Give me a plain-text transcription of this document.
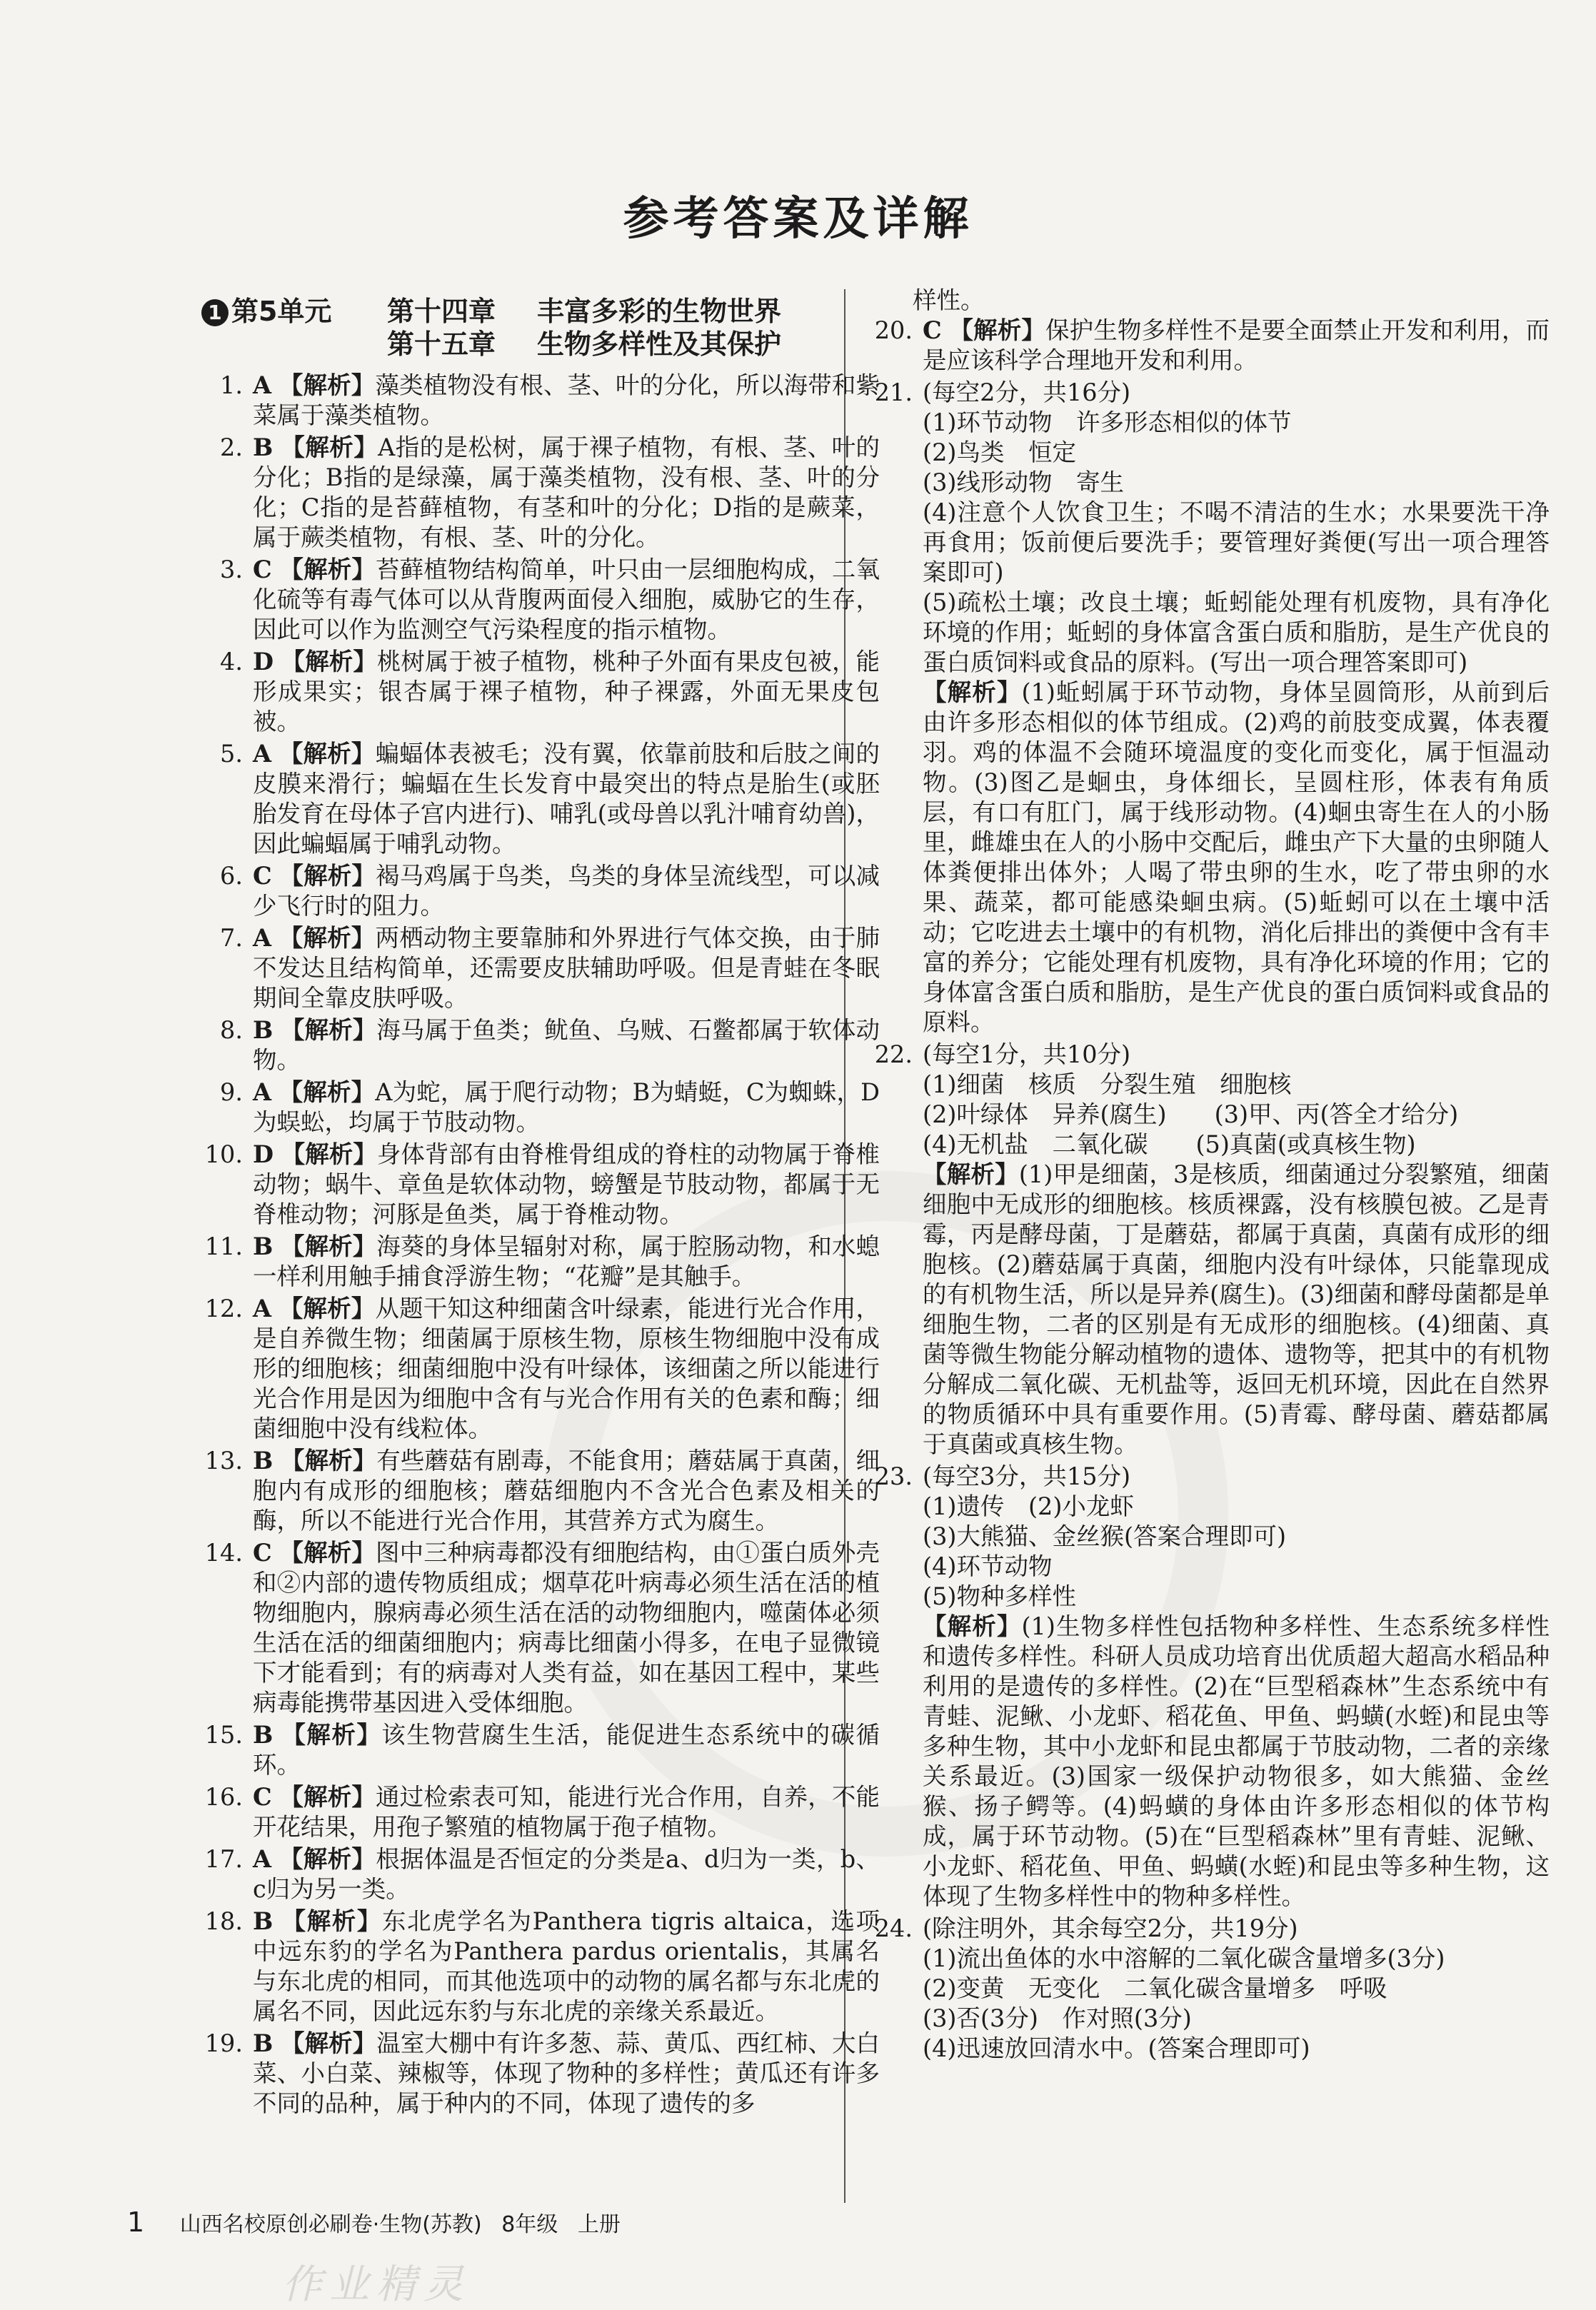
参考答案及详解
1 第5单元 第十四章 丰富多彩的生物世界
第十五章 生物多样性及其保护
1. A 【解析】藻类植物没有根、茎、叶的分化，所以海带和紫菜属于藻类植物。
2. B 【解析】A指的是松树，属于裸子植物，有根、茎、叶的分化；B指的是绿藻，属于藻类植物，没有根、茎、叶的分化；C指的是苔藓植物，有茎和叶的分化；D指的是蕨菜，属于蕨类植物，有根、茎、叶的分化。
3. C 【解析】苔藓植物结构简单，叶只由一层细胞构成，二氧化硫等有毒气体可以从背腹两面侵入细胞，威胁它的生存，因此可以作为监测空气污染程度的指示植物。
4. D 【解析】桃树属于被子植物，桃种子外面有果皮包被，能形成果实；银杏属于裸子植物，种子裸露，外面无果皮包被。
5. A 【解析】蝙蝠体表被毛；没有翼，依靠前肢和后肢之间的皮膜来滑行；蝙蝠在生长发育中最突出的特点是胎生(或胚胎发育在母体子宫内进行)、哺乳(或母兽以乳汁哺育幼兽)，因此蝙蝠属于哺乳动物。
6. C 【解析】褐马鸡属于鸟类，鸟类的身体呈流线型，可以减少飞行时的阻力。
7. A 【解析】两栖动物主要靠肺和外界进行气体交换，由于肺不发达且结构简单，还需要皮肤辅助呼吸。但是青蛙在冬眠期间全靠皮肤呼吸。
8. B 【解析】海马属于鱼类；鱿鱼、乌贼、石鳖都属于软体动物。
9. A 【解析】A为蛇，属于爬行动物；B为蜻蜓，C为蜘蛛，D为蜈蚣，均属于节肢动物。
10. D 【解析】身体背部有由脊椎骨组成的脊柱的动物属于脊椎动物；蜗牛、章鱼是软体动物，螃蟹是节肢动物，都属于无脊椎动物；河豚是鱼类，属于脊椎动物。
11. B 【解析】海葵的身体呈辐射对称，属于腔肠动物，和水螅一样利用触手捕食浮游生物；“花瓣”是其触手。
12. A 【解析】从题干知这种细菌含叶绿素，能进行光合作用，是自养微生物；细菌属于原核生物，原核生物细胞中没有成形的细胞核；细菌细胞中没有叶绿体，该细菌之所以能进行光合作用是因为细胞中含有与光合作用有关的色素和酶；细菌细胞中没有线粒体。
13. B 【解析】有些蘑菇有剧毒，不能食用；蘑菇属于真菌，细胞内有成形的细胞核；蘑菇细胞内不含光合色素及相关的酶，所以不能进行光合作用，其营养方式为腐生。
14. C 【解析】图中三种病毒都没有细胞结构，由①蛋白质外壳和②内部的遗传物质组成；烟草花叶病毒必须生活在活的植物细胞内，腺病毒必须生活在活的动物细胞内，噬菌体必须生活在活的细菌细胞内；病毒比细菌小得多，在电子显微镜下才能看到；有的病毒对人类有益，如在基因工程中，某些病毒能携带基因进入受体细胞。
15. B 【解析】该生物营腐生生活，能促进生态系统中的碳循环。
16. C 【解析】通过检索表可知，能进行光合作用，自养，不能开花结果，用孢子繁殖的植物属于孢子植物。
17. A 【解析】根据体温是否恒定的分类是a、d归为一类，b、c归为另一类。
18. B 【解析】东北虎学名为Panthera tigris altaica，选项中远东豹的学名为Panthera pardus orientalis，其属名与东北虎的相同，而其他选项中的动物的属名都与东北虎的属名不同，因此远东豹与东北虎的亲缘关系最近。
19. B 【解析】温室大棚中有许多葱、蒜、黄瓜、西红柿、大白菜、小白菜、辣椒等，体现了物种的多样性；黄瓜还有许多不同的品种，属于种内的不同，体现了遗传的多
样性。
20. C 【解析】保护生物多样性不是要全面禁止开发和利用，而是应该科学合理地开发和利用。
21. (每空2分，共16分)
(1)环节动物　许多形态相似的体节
(2)鸟类　恒定
(3)线形动物　寄生
(4)注意个人饮食卫生；不喝不清洁的生水；水果要洗干净再食用；饭前便后要洗手；要管理好粪便(写出一项合理答案即可)
(5)疏松土壤；改良土壤；蚯蚓能处理有机废物，具有净化环境的作用；蚯蚓的身体富含蛋白质和脂肪，是生产优良的蛋白质饲料或食品的原料。(写出一项合理答案即可)
【解析】(1)蚯蚓属于环节动物，身体呈圆筒形，从前到后由许多形态相似的体节组成。(2)鸡的前肢变成翼，体表覆羽。鸡的体温不会随环境温度的变化而变化，属于恒温动物。(3)图乙是蛔虫，身体细长，呈圆柱形，体表有角质层，有口有肛门，属于线形动物。(4)蛔虫寄生在人的小肠里，雌雄虫在人的小肠中交配后，雌虫产下大量的虫卵随人体粪便排出体外；人喝了带虫卵的生水，吃了带虫卵的水果、蔬菜，都可能感染蛔虫病。(5)蚯蚓可以在土壤中活动；它吃进去土壤中的有机物，消化后排出的粪便中含有丰富的养分；它能处理有机废物，具有净化环境的作用；它的身体富含蛋白质和脂肪，是生产优良的蛋白质饲料或食品的原料。
22. (每空1分，共10分)
(1)细菌　核质　分裂生殖　细胞核
(2)叶绿体　异养(腐生)　　(3)甲、丙(答全才给分)
(4)无机盐　二氧化碳　　(5)真菌(或真核生物)
【解析】(1)甲是细菌，3是核质，细菌通过分裂繁殖，细菌细胞中无成形的细胞核。核质裸露，没有核膜包被。乙是青霉，丙是酵母菌，丁是蘑菇，都属于真菌，真菌有成形的细胞核。(2)蘑菇属于真菌，细胞内没有叶绿体，只能靠现成的有机物生活，所以是异养(腐生)。(3)细菌和酵母菌都是单细胞生物，二者的区别是有无成形的细胞核。(4)细菌、真菌等微生物能分解动植物的遗体、遗物等，把其中的有机物分解成二氧化碳、无机盐等，返回无机环境，因此在自然界的物质循环中具有重要作用。(5)青霉、酵母菌、蘑菇都属于真菌或真核生物。
23. (每空3分，共15分)
(1)遗传　(2)小龙虾
(3)大熊猫、金丝猴(答案合理即可)
(4)环节动物
(5)物种多样性
【解析】(1)生物多样性包括物种多样性、生态系统多样性和遗传多样性。科研人员成功培育出优质超大超高水稻品种利用的是遗传的多样性。(2)在“巨型稻森林”生态系统中有青蛙、泥鳅、小龙虾、稻花鱼、甲鱼、蚂蟥(水蛭)和昆虫等多种生物，其中小龙虾和昆虫都属于节肢动物，二者的亲缘关系最近。(3)国家一级保护动物很多，如大熊猫、金丝猴、扬子鳄等。(4)蚂蟥的身体由许多形态相似的体节构成，属于环节动物。(5)在“巨型稻森林”里有青蛙、泥鳅、小龙虾、稻花鱼、甲鱼、蚂蟥(水蛭)和昆虫等多种生物，这体现了生物多样性中的物种多样性。
24. (除注明外，其余每空2分，共19分)
(1)流出鱼体的水中溶解的二氧化碳含量增多(3分)
(2)变黄　无变化　二氧化碳含量增多　呼吸
(3)否(3分)　作对照(3分)
(4)迅速放回清水中。(答案合理即可)
1 山西名校原创必刷卷·生物(苏教) 8年级 上册
作业精灵
